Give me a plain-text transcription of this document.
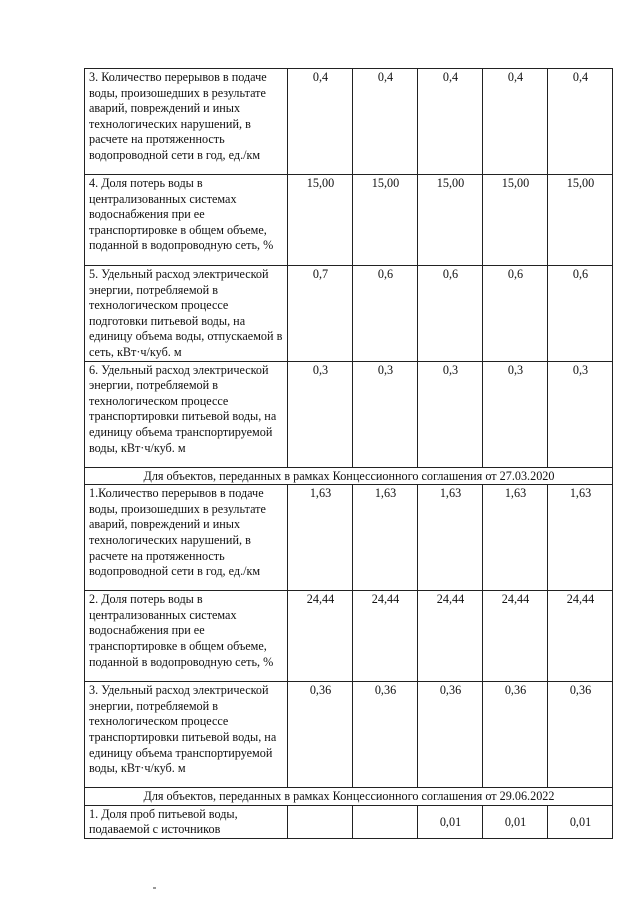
3. Количество перерывов в подаче воды, произошедших в результате аварий, повреждений и иных технологических нарушений, в расчете на протяженность водопроводной сети в год, ед./км	0,4	0,4	0,4	0,4	0,4
4. Доля потерь воды в централизованных системах водоснабжения при ее транспортировке в общем объеме, поданной в водопроводную сеть, %	15,00	15,00	15,00	15,00	15,00
5. Удельный расход электрической энергии, потребляемой в технологическом процессе подготовки питьевой воды, на единицу объема воды, отпускаемой в сеть, кВт·ч/куб. м	0,7	0,6	0,6	0,6	0,6
6. Удельный расход электрической энергии, потребляемой в технологическом процессе транспортировки питьевой воды, на единицу объема транспортируемой воды, кВт·ч/куб. м	0,3	0,3	0,3	0,3	0,3
Для объектов, переданных в рамках Концессионного соглашения от 27.03.2020					
1.Количество перерывов в подаче воды, произошедших в результате аварий, повреждений и иных технологических нарушений, в расчете на протяженность водопроводной сети в год, ед./км	1,63	1,63	1,63	1,63	1,63
2. Доля потерь воды в централизованных системах водоснабжения при ее транспортировке в общем объеме, поданной в водопроводную сеть, %	24,44	24,44	24,44	24,44	24,44
3. Удельный расход электрической энергии, потребляемой в технологическом процессе транспортировки питьевой воды, на единицу объема транспортируемой воды, кВт·ч/куб. м	0,36	0,36	0,36	0,36	0,36
Для объектов, переданных в рамках Концессионного соглашения от 29.06.2022					
1. Доля проб питьевой воды, подаваемой с источников			0,01	0,01	0,01
